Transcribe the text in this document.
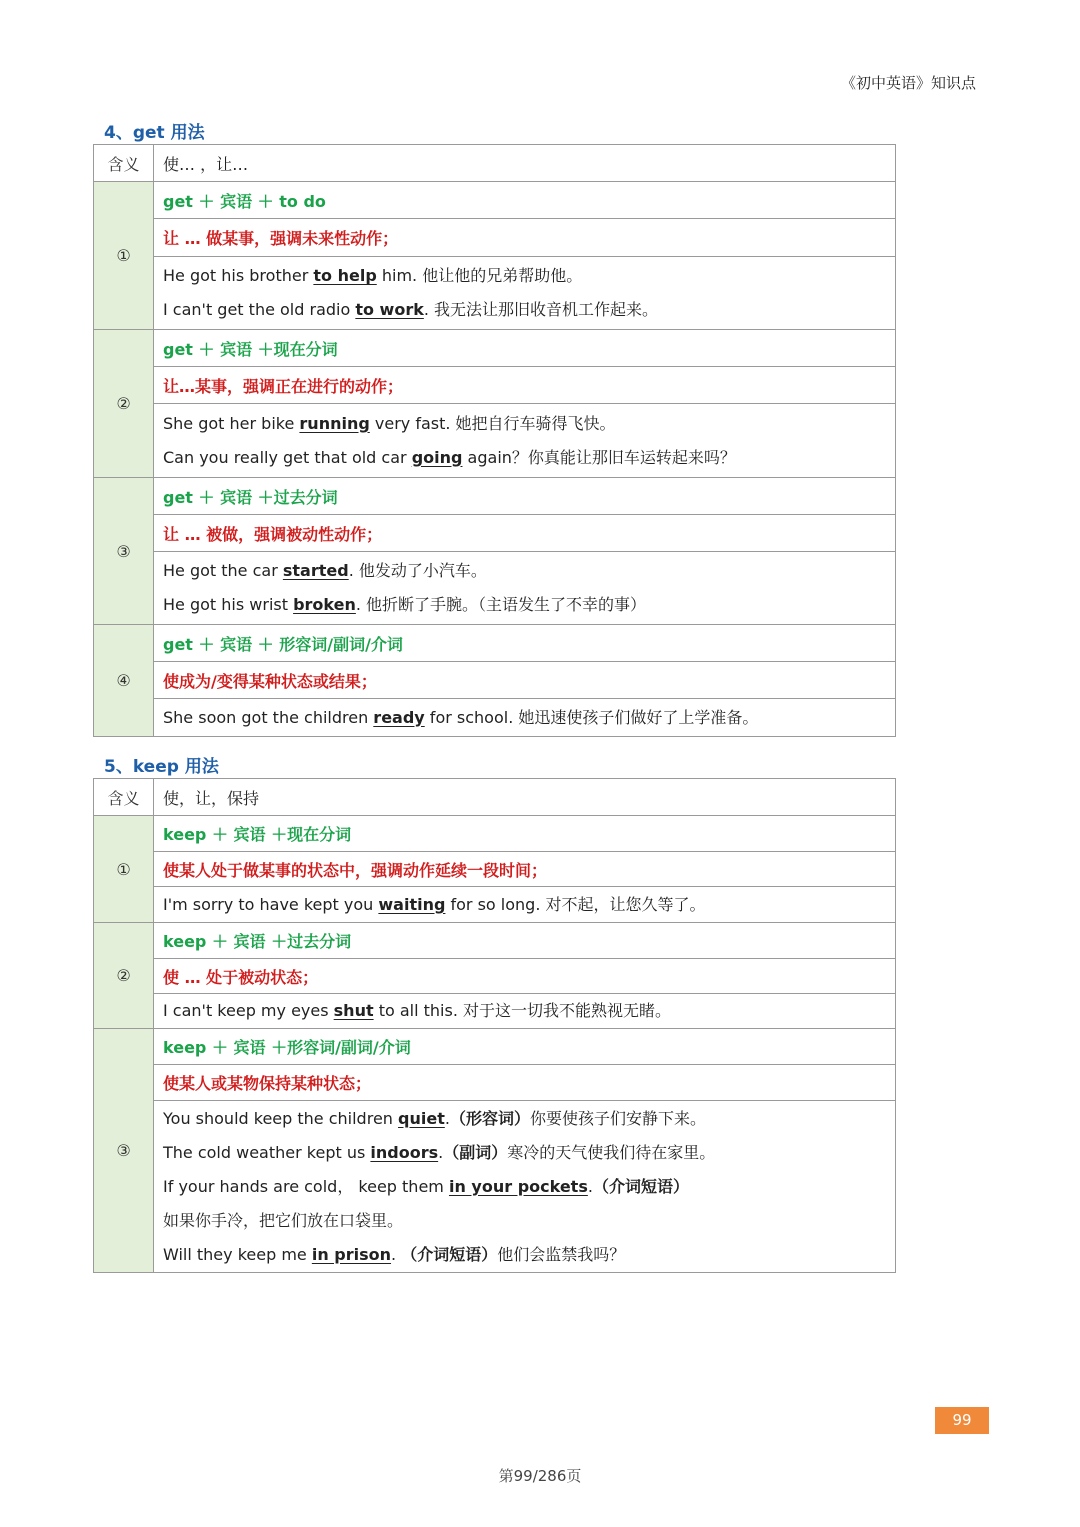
《初中英语》知识点
4、get 用法
含义	使… ，让…
①	get ＋ 宾语 ＋ to do
	让 … 做某事，强调未来性动作；

	He got his brother to help him. 他让他的兄弟帮助他。
I can't get the old radio to work. 我无法让那旧收音机工作起来。

②	get ＋ 宾语 ＋现在分词
	让…某事，强调正在进行的动作；

	She got her bike running very fast. 她把自行车骑得飞快。
Can you really get that old car going again？你真能让那旧车运转起来吗？

③	get ＋ 宾语 ＋过去分词
	让 … 被做，强调被动性动作；

	He got the car started. 他发动了小汽车。
He got his wrist broken. 他折断了手腕。（主语发生了不幸的事）

④	get ＋ 宾语 ＋ 形容词/副词/介词
	使成为/变得某种状态或结果；

	She soon got the children ready for school. 她迅速使孩子们做好了上学准备。
5、keep 用法
含义	使，让，保持
①	keep ＋ 宾语 ＋现在分词
	使某人处于做某事的状态中，强调动作延续一段时间；

	I'm sorry to have kept you waiting for so long. 对不起，让您久等了。

②	keep ＋ 宾语 ＋过去分词
	使 … 处于被动状态；

	I can't keep my eyes shut to all this. 对于这一切我不能熟视无睹。

③	keep ＋ 宾语 ＋形容词/副词/介词
	使某人或某物保持某种状态；

	You should keep the children quiet.（形容词）你要使孩子们安静下来。
The cold weather kept us indoors.（副词）寒冷的天气使我们待在家里。
If your hands are cold， keep them in your pockets.（介词短语）
如果你手冷，把它们放在口袋里。
Will they keep me in prison. （介词短语）他们会监禁我吗？
99
第99/286页
